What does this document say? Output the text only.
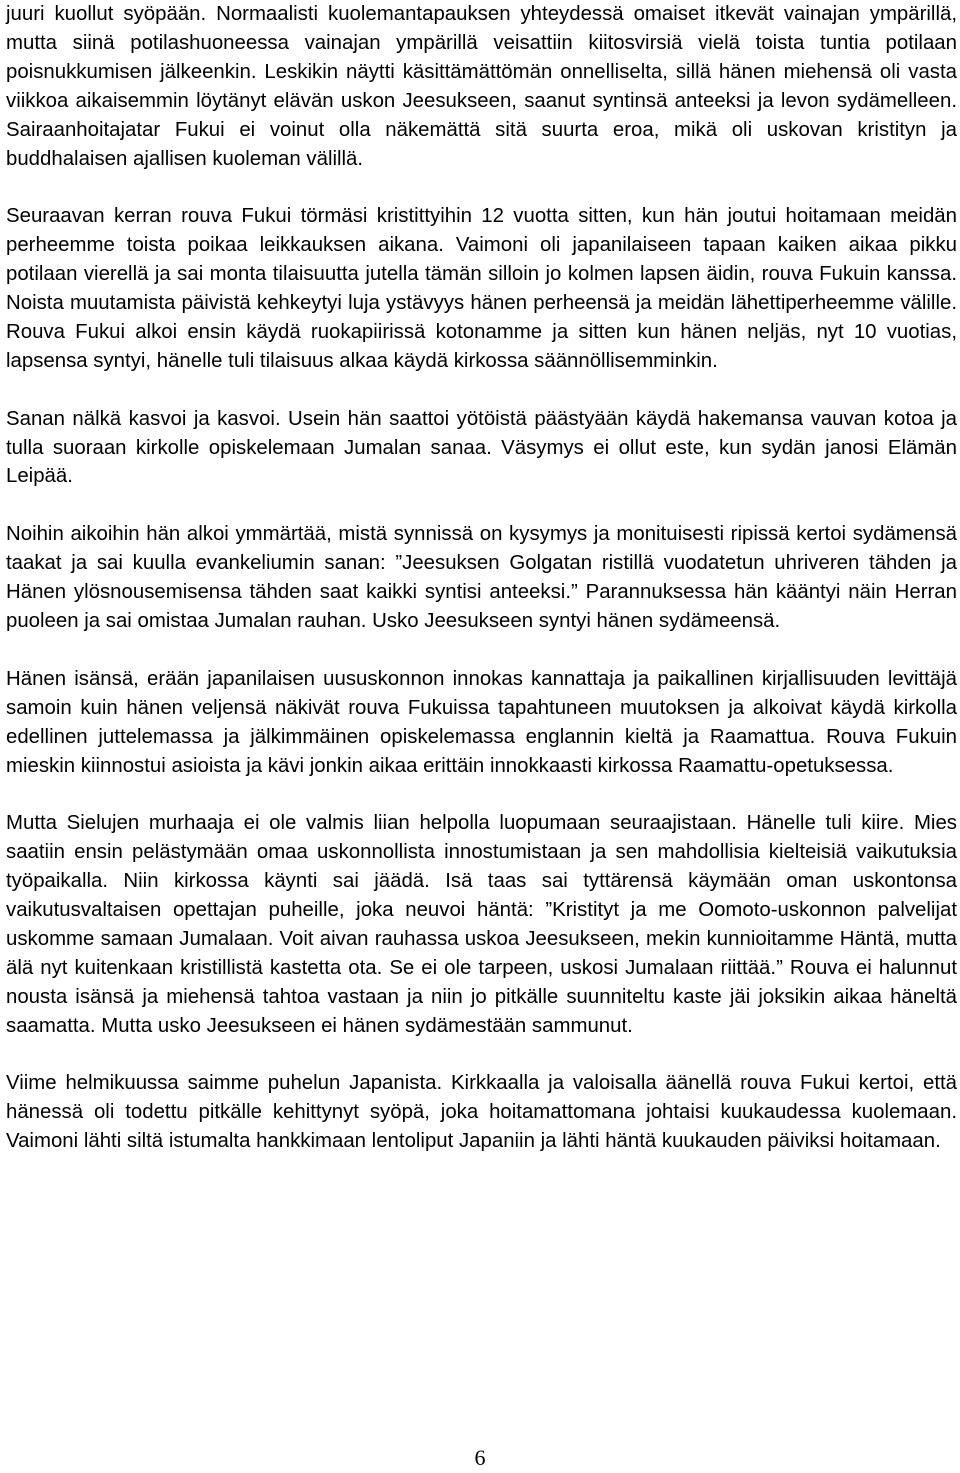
juuri kuollut syöpään. Normaalisti kuolemantapauksen yhteydessä omaiset itkevät vainajan ympärillä, mutta siinä potilashuoneessa vainajan ympärillä veisattiin kiitosvirsiä vielä toista tuntia potilaan poisnukkumisen jälkeenkin. Leskikin näytti käsittämättömän onnelliselta, sillä hänen miehensä oli vasta viikkoa aikaisemmin löytänyt elävän uskon Jeesukseen, saanut syntinsä anteeksi ja levon sydämelleen. Sairaanhoitajatar Fukui ei voinut olla näkemättä sitä suurta eroa, mikä oli uskovan kristityn ja buddhalaisen ajallisen kuoleman välillä.

Seuraavan kerran rouva Fukui törmäsi kristittyihin 12 vuotta sitten, kun hän joutui hoitamaan meidän perheemme toista poikaa leikkauksen aikana. Vaimoni oli japanilaiseen tapaan kaiken aikaa pikku potilaan vierellä ja sai monta tilaisuutta jutella tämän silloin jo kolmen lapsen äidin, rouva Fukuin kanssa. Noista muutamista päivistä kehkeytyi luja ystävyys hänen perheensä ja meidän lähettiperheemme välille. Rouva Fukui alkoi ensin käydä ruokapiirissä kotonamme ja sitten kun hänen neljäs, nyt 10 vuotias, lapsensa syntyi, hänelle tuli tilaisuus alkaa käydä kirkossa säännöllisemminkin.

Sanan nälkä kasvoi ja kasvoi. Usein hän saattoi yötöistä päästyään käydä hakemansa vauvan kotoa ja tulla suoraan kirkolle opiskelemaan Jumalan sanaa. Väsymys ei ollut este, kun sydän janosi Elämän Leipää.

Noihin aikoihin hän alkoi ymmärtää, mistä synnissä on kysymys ja monituisesti ripissä kertoi sydämensä taakat ja sai kuulla evankeliumin sanan: ”Jeesuksen Golgatan ristillä vuodatetun uhriveren tähden ja Hänen ylösnousemisensa tähden saat kaikki syntisi anteeksi.” Parannuksessa hän kääntyi näin Herran puoleen ja sai omistaa Jumalan rauhan. Usko Jeesukseen syntyi hänen sydämeensä.

Hänen isänsä, erään japanilaisen uususkonnon innokas kannattaja ja paikallinen kirjallisuuden levittäjä samoin kuin hänen veljensä näkivät rouva Fukuissa tapahtuneen muutoksen ja alkoivat käydä kirkolla edellinen juttelemassa ja jälkimmäinen opiskelemassa englannin kieltä ja Raamattua. Rouva Fukuin mieskin kiinnostui asioista ja kävi jonkin aikaa erittäin innokkaasti kirkossa Raamattu-opetuksessa.

Mutta Sielujen murhaaja ei ole valmis liian helpolla luopumaan seuraajistaan. Hänelle tuli kiire. Mies saatiin ensin pelästymään omaa uskonnollista innostumistaan ja sen mahdollisia kielteisiä vaikutuksia työpaikalla. Niin kirkossa käynti sai jäädä. Isä taas sai tyttärensä käymään oman uskontonsa vaikutusvaltaisen opettajan puheille, joka neuvoi häntä: ”Kristityt ja me Oomoto-uskonnon palvelijat uskomme samaan Jumalaan. Voit aivan rauhassa uskoa Jeesukseen, mekin kunnioitamme Häntä, mutta älä nyt kuitenkaan kristillistä kastetta ota. Se ei ole tarpeen, uskosi Jumalaan riittää.” Rouva ei halunnut nousta isänsä ja miehensä tahtoa vastaan ja niin jo pitkälle suunniteltu kaste jäi joksikin aikaa häneltä saamatta. Mutta usko Jeesukseen ei hänen sydämestään sammunut.

Viime helmikuussa saimme puhelun Japanista. Kirkkaalla ja valoisalla äänellä rouva Fukui kertoi, että hänessä oli todettu pitkälle kehittynyt syöpä, joka hoitamattomana johtaisi kuukaudessa kuolemaan. Vaimoni lähti siltä istumalta hankkimaan lentoliput Japaniin ja lähti häntä kuukauden päiviksi hoitamaan.

6
